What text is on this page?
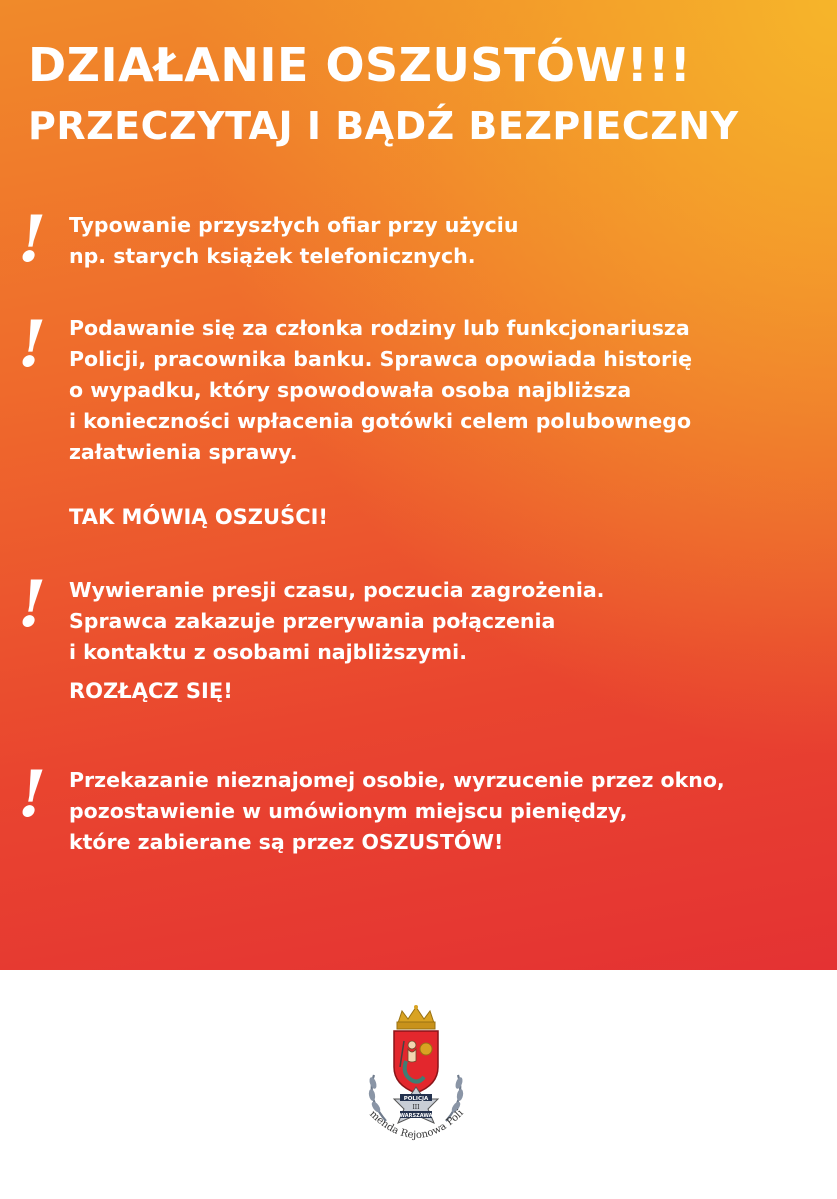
DZIAŁANIE OSZUSTÓW!!!
PRZECZYTAJ I BĄDŹ BEZPIECZNY
! Typowanie przyszłych ofiar przy użyciu
np. starych książek telefonicznych.

! Podawanie się za członka rodziny lub funkcjonariusza
Policji, pracownika banku. Sprawca opowiada historię
o wypadku, który spowodowała osoba najbliższa
i konieczności wpłacenia gotówki celem polubownego
załatwienia sprawy.

TAK MÓWIĄ OSZUŚCI!

! Wywieranie presji czasu, poczucia zagrożenia.
Sprawca zakazuje przerywania połączenia
i kontaktu z osobami najbliższymi.

ROZŁĄCZ SIĘ!

! Przekazanie nieznajomej osobie, wyrzucenie przez okno,
pozostawienie w umówionym miejscu pieniędzy,
które zabierane są przez OSZUSTÓW!

POLICJA
WARSZAWA
III
menda Rejonowa Poli
